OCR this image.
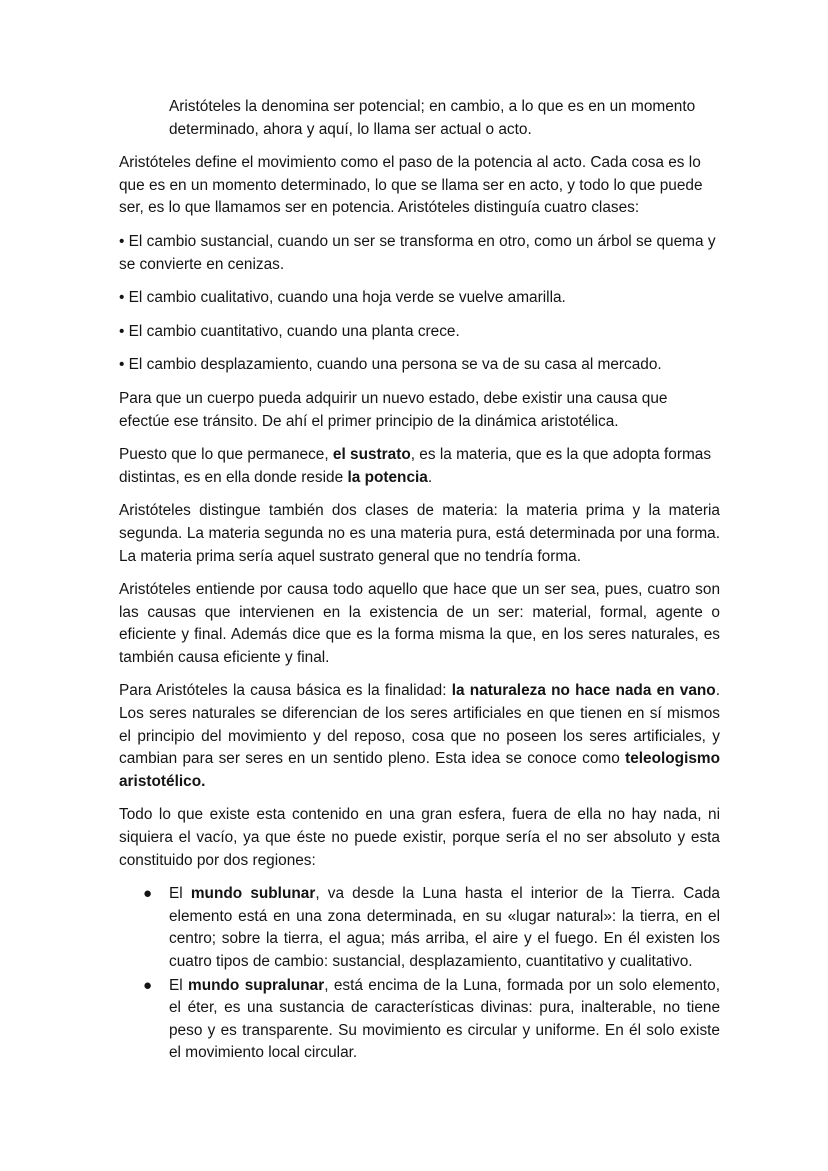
Aristóteles la denomina ser potencial; en cambio, a lo que es en un momento determinado, ahora y aquí, lo llama ser actual o acto.

Aristóteles define el movimiento como el paso de la potencia al acto. Cada cosa es lo que es en un momento determinado, lo que se llama ser en acto, y todo lo que puede ser, es lo que llamamos ser en potencia. Aristóteles distinguía cuatro clases:

• El cambio sustancial, cuando un ser se transforma en otro, como un árbol se quema y se convierte en cenizas.

• El cambio cualitativo, cuando una hoja verde se vuelve amarilla.

• El cambio cuantitativo, cuando una planta crece.

• El cambio desplazamiento, cuando una persona se va de su casa al mercado.

Para que un cuerpo pueda adquirir un nuevo estado, debe existir una causa que efectúe ese tránsito. De ahí el primer principio de la dinámica aristotélica.

Puesto que lo que permanece, el sustrato, es la materia, que es la que adopta formas distintas, es en ella donde reside la potencia.

Aristóteles distingue también dos clases de materia: la materia prima y la materia segunda. La materia segunda no es una materia pura, está determinada por una forma. La materia prima sería aquel sustrato general que no tendría forma.

Aristóteles entiende por causa todo aquello que hace que un ser sea, pues, cuatro son las causas que intervienen en la existencia de un ser: material, formal, agente o eficiente y final. Además dice que es la forma misma la que, en los seres naturales, es también causa eficiente y final.

Para Aristóteles la causa básica es la finalidad: la naturaleza no hace nada en vano. Los seres naturales se diferencian de los seres artificiales en que tienen en sí mismos el principio del movimiento y del reposo, cosa que no poseen los seres artificiales, y cambian para ser seres en un sentido pleno. Esta idea se conoce como teleologismo aristotélico.

Todo lo que existe esta contenido en una gran esfera, fuera de ella no hay nada, ni siquiera el vacío, ya que éste no puede existir, porque sería el no ser absoluto y esta constituido por dos regiones:

● El mundo sublunar, va desde la Luna hasta el interior de la Tierra. Cada elemento está en una zona determinada, en su «lugar natural»: la tierra, en el centro; sobre la tierra, el agua; más arriba, el aire y el fuego. En él existen los cuatro tipos de cambio: sustancial, desplazamiento, cuantitativo y cualitativo.
● El mundo supralunar, está encima de la Luna, formada por un solo elemento, el éter, es una sustancia de características divinas: pura, inalterable, no tiene peso y es transparente. Su movimiento es circular y uniforme. En él solo existe el movimiento local circular.
